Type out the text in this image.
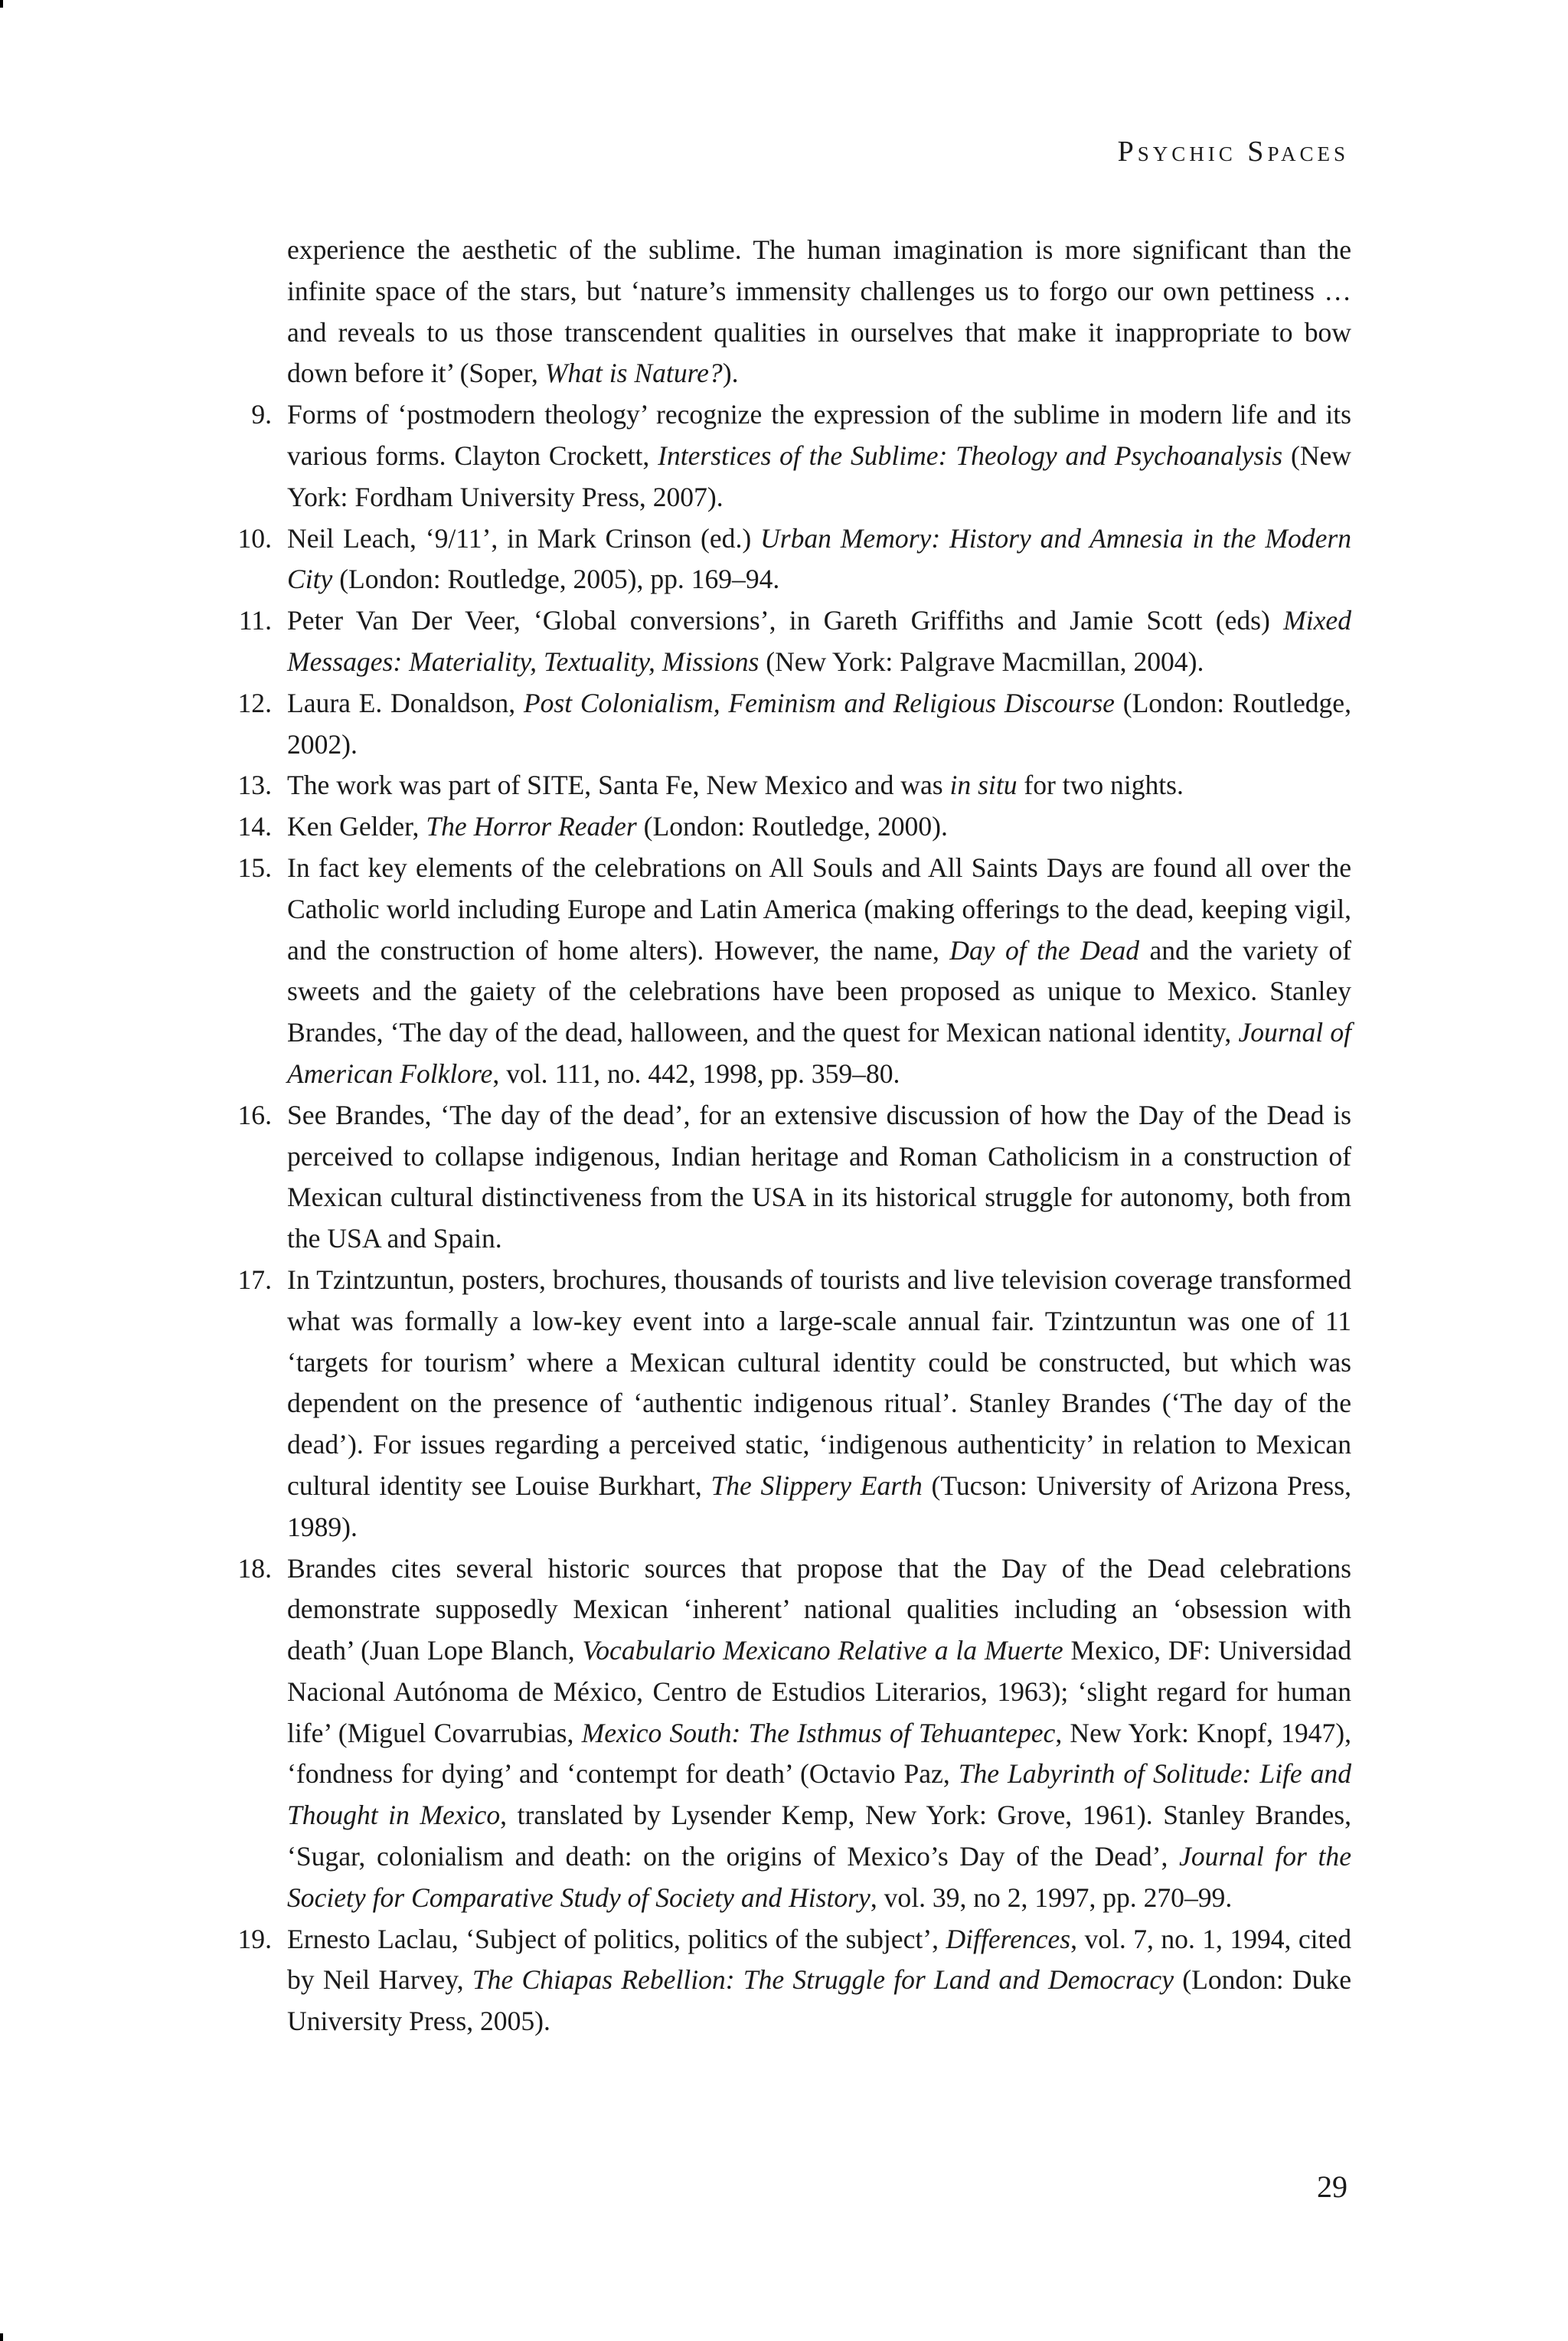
Psychic Spaces
experience the aesthetic of the sublime. The human imagination is more significant than the infinite space of the stars, but ‘nature’s immensity challenges us to forgo our own pettiness … and reveals to us those transcendent qualities in ourselves that make it inappropriate to bow down before it’ (Soper, What is Nature?).
9. Forms of ‘postmodern theology’ recognize the expression of the sublime in modern life and its various forms. Clayton Crockett, Interstices of the Sublime: Theology and Psychoanalysis (New York: Fordham University Press, 2007).
10. Neil Leach, ‘9/11’, in Mark Crinson (ed.) Urban Memory: History and Amnesia in the Modern City (London: Routledge, 2005), pp. 169–94.
11. Peter Van Der Veer, ‘Global conversions’, in Gareth Griffiths and Jamie Scott (eds) Mixed Messages: Materiality, Textuality, Missions (New York: Palgrave Macmillan, 2004).
12. Laura E. Donaldson, Post Colonialism, Feminism and Religious Discourse (London: Routledge, 2002).
13. The work was part of SITE, Santa Fe, New Mexico and was in situ for two nights.
14. Ken Gelder, The Horror Reader (London: Routledge, 2000).
15. In fact key elements of the celebrations on All Souls and All Saints Days are found all over the Catholic world including Europe and Latin America (making offerings to the dead, keeping vigil, and the construction of home alters). However, the name, Day of the Dead and the variety of sweets and the gaiety of the celebrations have been proposed as unique to Mexico. Stanley Brandes, ‘The day of the dead, halloween, and the quest for Mexican national identity, Journal of American Folklore, vol. 111, no. 442, 1998, pp. 359–80.
16. See Brandes, ‘The day of the dead’, for an extensive discussion of how the Day of the Dead is perceived to collapse indigenous, Indian heritage and Roman Catholicism in a construction of Mexican cultural distinctiveness from the USA in its historical struggle for autonomy, both from the USA and Spain.
17. In Tzintzuntun, posters, brochures, thousands of tourists and live television coverage transformed what was formally a low-key event into a large-scale annual fair. Tzintzuntun was one of 11 ‘targets for tourism’ where a Mexican cultural identity could be constructed, but which was dependent on the presence of ‘authentic indigenous ritual’. Stanley Brandes (‘The day of the dead’). For issues regarding a perceived static, ‘indigenous authenticity’ in relation to Mexican cultural identity see Louise Burkhart, The Slippery Earth (Tucson: University of Arizona Press, 1989).
18. Brandes cites several historic sources that propose that the Day of the Dead celebrations demonstrate supposedly Mexican ‘inherent’ national qualities including an ‘obsession with death’ (Juan Lope Blanch, Vocabulario Mexicano Relative a la Muerte Mexico, DF: Universidad Nacional Autónoma de México, Centro de Estudios Literarios, 1963); ‘slight regard for human life’ (Miguel Covarrubias, Mexico South: The Isthmus of Tehuantepec, New York: Knopf, 1947), ‘fondness for dying’ and ‘contempt for death’ (Octavio Paz, The Labyrinth of Solitude: Life and Thought in Mexico, translated by Lysender Kemp, New York: Grove, 1961). Stanley Brandes, ‘Sugar, colonialism and death: on the origins of Mexico’s Day of the Dead’, Journal for the Society for Comparative Study of Society and History, vol. 39, no 2, 1997, pp. 270–99.
19. Ernesto Laclau, ‘Subject of politics, politics of the subject’, Differences, vol. 7, no. 1, 1994, cited by Neil Harvey, The Chiapas Rebellion: The Struggle for Land and Democracy (London: Duke University Press, 2005).
29
